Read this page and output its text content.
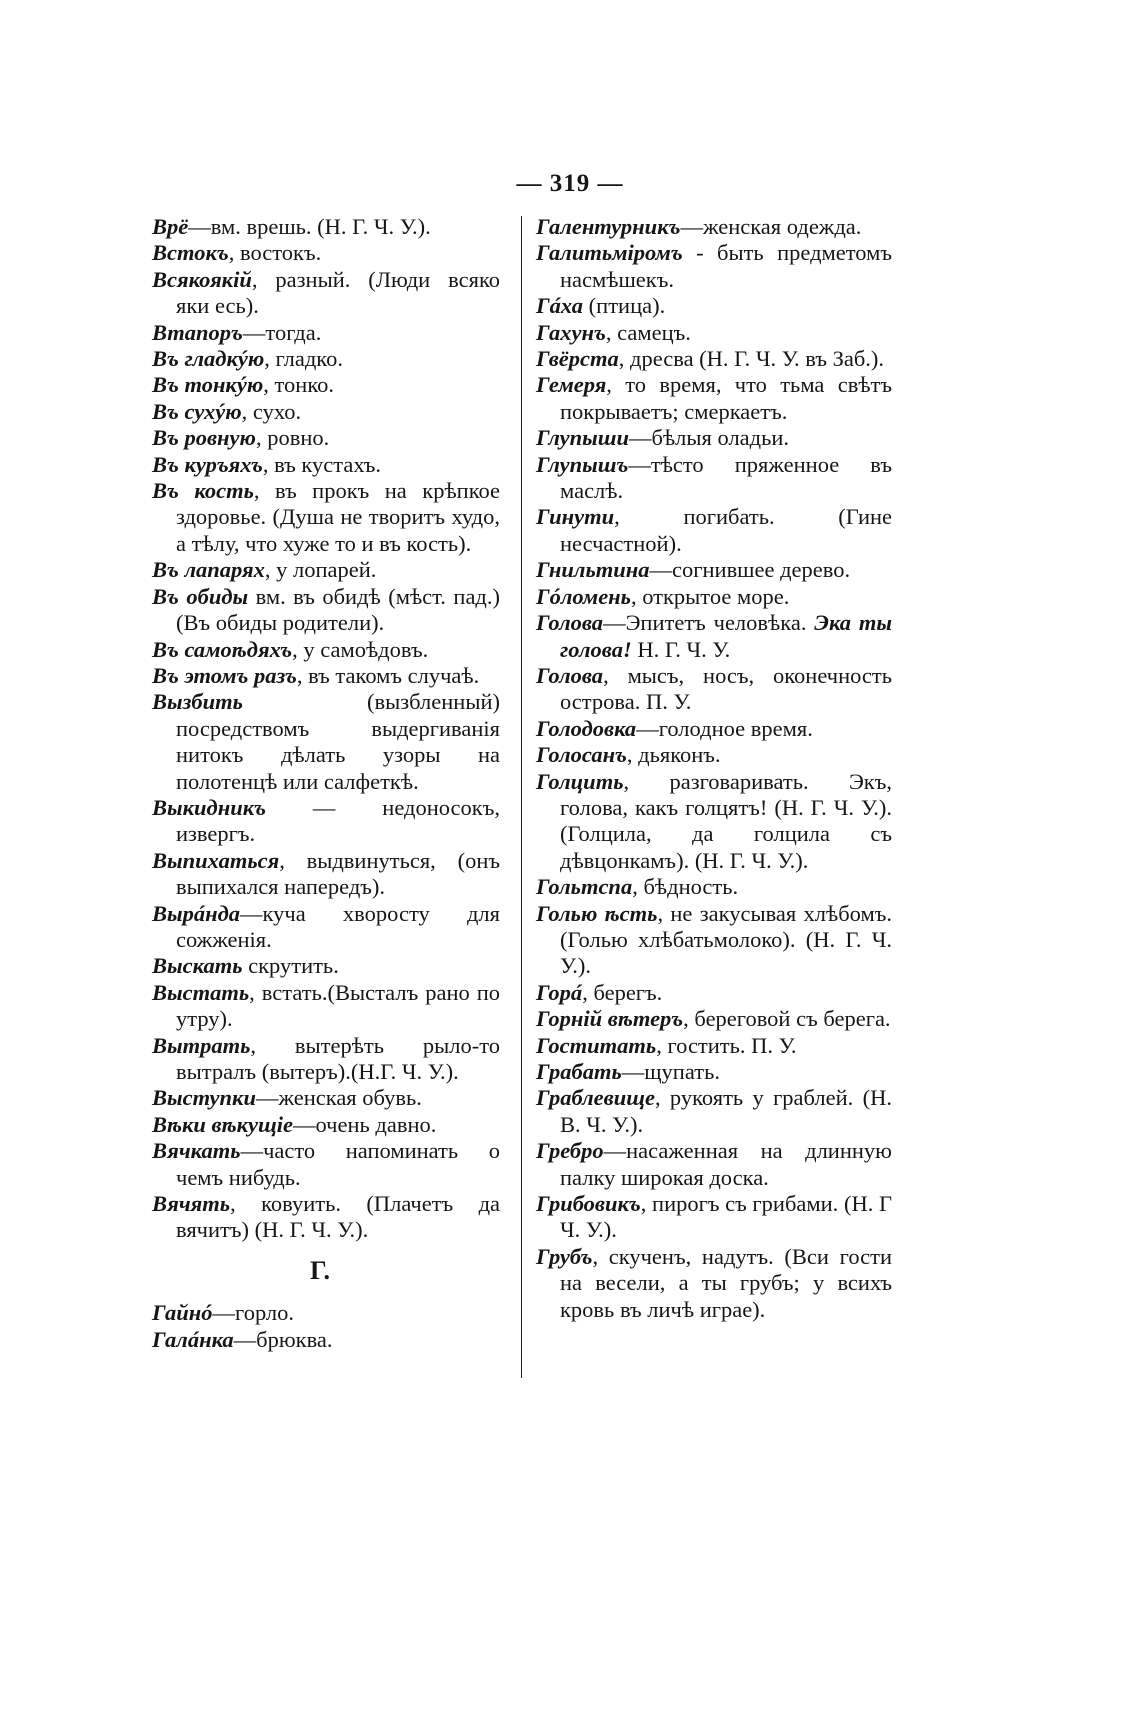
— 319 —
Врё—вм. врешь. (Н. Г. Ч. У.).
Встокъ, востокъ.
Всякоякій, разный. (Люди всяко яки есь).
Втапоръ—тогда.
Въ гладкýю, гладко.
Въ тонкýю, тонко.
Въ сухýю, сухо.
Въ ровную, ровно.
Въ куръяхъ, въ кустахъ.
Въ кость, въ прокъ на крѣпкое здоровье. (Душа не творитъ худо, а тѣлу, что хуже то и въ кость).
Въ лапарях, у лопарей.
Въ обиды вм. въ обидѣ (мѣст. пад.) (Въ обиды родители).
Въ самоѣдяхъ, у самоѣдовъ.
Въ этомъ разъ, въ такомъ случаѣ.
Вызбить	(вызбленный) посредствомъ выдергиванія нитокъ дѣлать узоры на полотенцѣ или салфеткѣ.
Выкидникъ — недоносокъ, извергъ.
Выпихаться, выдвинуться, (онъ выпихался напередъ).
Вырáнда—куча хворосту для сожженія.
Выскать скрутить.
Выстать, встать.(Высталъ рано по утру).
Вытрать, вытерѣть рыло-то вытралъ (вытеръ).(Н.Г. Ч. У.).
Выступки—женская обувь.
Вѣки вѣкущіе—очень давно.
Вячкать—часто напоминать о чемъ нибудь.
Вячять, ковуить. (Плачетъ да вячитъ) (Н. Г. Ч. У.).
Г.
Гайнó—горло.
Галáнка—брюква.
Галентурникъ—женская одежда.
Галитьміромъ - быть предметомъ насмѣшекъ.
Гáха (птица).
Гахунъ, самецъ.
Гвёрста, дресва (Н. Г. Ч. У. въ Заб.).
Гемеря, то время, что тьма свѣтъ покрываетъ; смеркаетъ.
Глупыши—бѣлыя оладьи.
Глупышъ—тѣсто пряженное въ маслѣ.
Гинути, погибать. (Гине несчастной).
Гнильтина—согнившее дерево.
Гóломень, открытое море.
Голова—Эпитетъ человѣка. Эка ты голова! Н. Г. Ч. У.
Голова, мысъ, носъ, оконечность острова. П. У.
Голодовка—голодное время.
Голосанъ, дьяконъ.
Голцить, разговаривать. Экъ, голова, какъ голцятъ! (Н. Г. Ч. У.). (Голцила, да голцила съ дѣвцонкамъ). (Н. Г. Ч. У.).
Гольтспа, бѣдность.
Голью ѣсть, не закусывая хлѣбомъ. (Голью хлѣбатьмолоко). (Н. Г. Ч. У.).
Горá, берегъ.
Горній вѣтеръ, береговой съ берега.
Гоститать, гостить. П. У.
Грабать—щупать.
Граблевище, рукоять у граблей. (Н. В. Ч. У.).
Гребро—насаженная на длинную палку широкая доска.
Грибовикъ, пирогъ съ грибами. (Н. Г Ч. У.).
Грубъ, скученъ, надутъ. (Вси гости на весели, а ты грубъ; у всихъ кровь въ личѣ играе).
